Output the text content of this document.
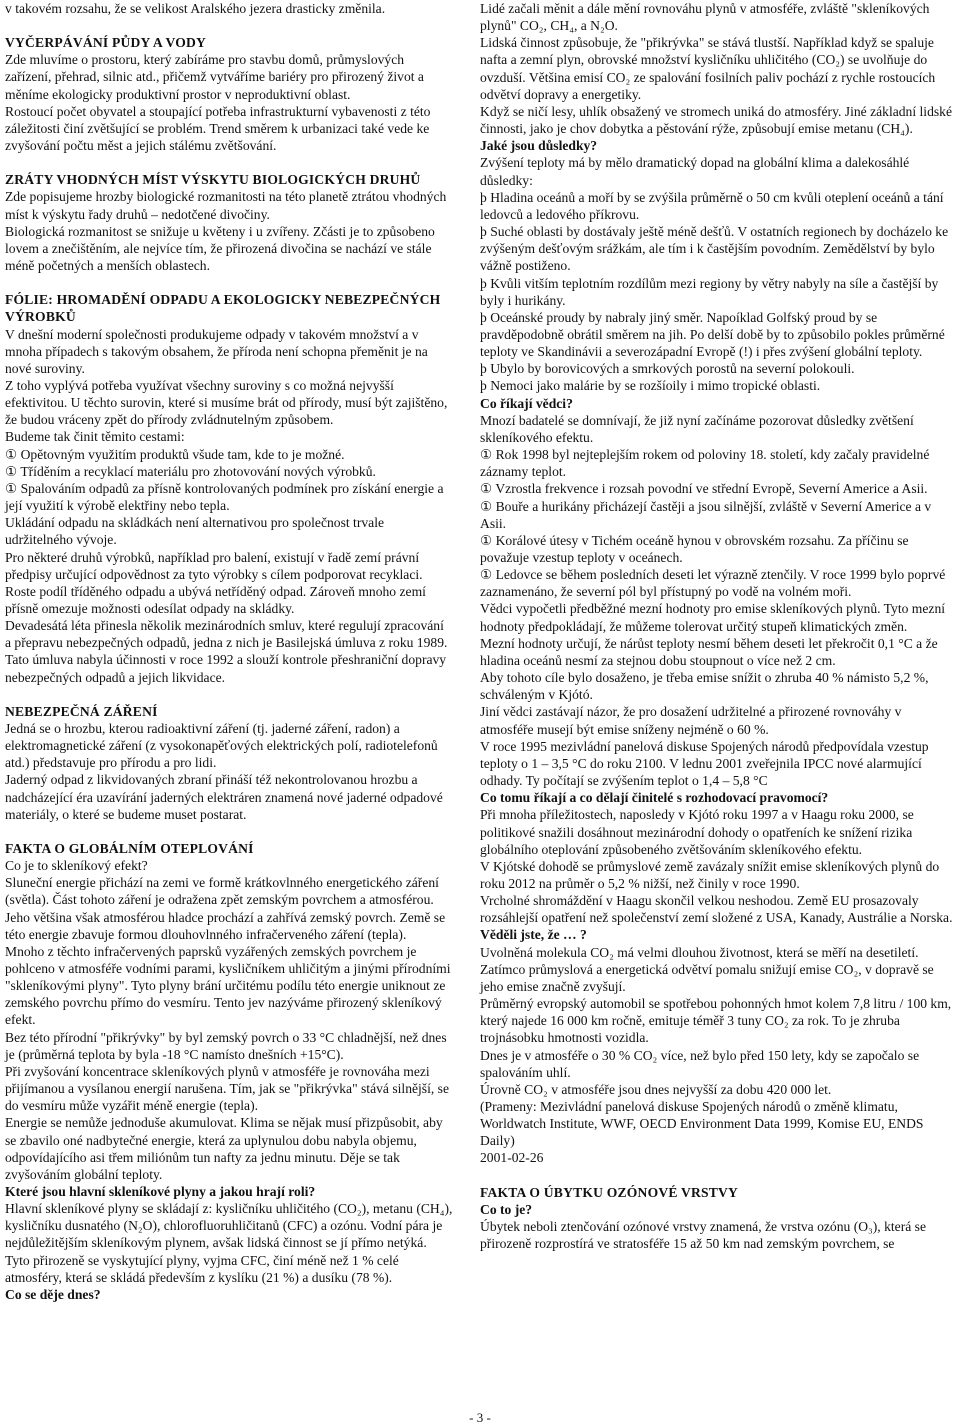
v takovém rozsahu, že se velikost Aralského jezera drasticky změnila.
VYČERPÁVÁNÍ PŮDY A VODY
Zde mluvíme o prostoru, který zabíráme pro stavbu domů, průmyslových zařízení, přehrad, silnic atd., přičemž vytváříme bariéry pro přirozený život a měníme ekologicky produktivní prostor v neproduktivní oblast.
Rostoucí počet obyvatel a stoupající potřeba infrastrukturní vybavenosti z této záležitosti činí zvětšující se problém. Trend směrem k urbanizaci také vede ke zvyšování počtu měst a jejich stálému zvětšování.
ZRÁTY VHODNÝCH MÍST VÝSKYTU BIOLOGICKÝCH DRUHŮ
Zde popisujeme hrozby biologické rozmanitosti na této planetě ztrátou vhodných míst k výskytu řady druhů – nedotčené divočiny.
Biologická rozmanitost se snižuje u květeny i u zvířeny. Zčásti je to způsobeno lovem a znečištěním, ale nejvíce tím, že přirozená divočina se nachází ve stále méně početných a menších oblastech.
FÓLIE: HROMADĚNÍ ODPADU A EKOLOGICKY NEBEZPEČNÝCH VÝROBKŮ
V dnešní moderní společnosti produkujeme odpady v takovém množství a v mnoha případech s takovým obsahem, že příroda není schopna přeměnit je na nové suroviny.
Z toho vyplývá potřeba využívat všechny suroviny s co možná nejvyšší efektivitou. U těchto surovin, které si musíme brát od přírody, musí být zajištěno, že budou vráceny zpět do přírody zvládnutelným způsobem.
Budeme tak činit těmito cestami:
① Opětovným využitím produktů všude tam, kde to je možné.
① Tříděním a recyklací materiálu pro zhotovování nových výrobků.
① Spalováním odpadů za přísně kontrolovaných podmínek pro získání energie a její využití k výrobě elektřiny nebo tepla.
Ukládání odpadu na skládkách není alternativou pro společnost trvale udržitelného vývoje.
Pro některé druhů výrobků, například pro balení, existují v řadě zemí právní předpisy určující odpovědnost za tyto výrobky s cílem podporovat recyklaci. Roste podíl tříděného odpadu a ubývá netříděný odpad. Zároveň mnoho zemí přísně omezuje možnosti odesílat odpady na skládky.
Devadesátá léta přinesla několik mezinárodních smluv, které regulují zpracování a přepravu nebezpečných odpadů, jedna z nich je Basilejská úmluva z roku 1989. Tato úmluva nabyla účinnosti v roce 1992 a slouží kontrole přeshraniční dopravy nebezpečných odpadů a jejich likvidace.
NEBEZPEČNÁ ZÁŘENÍ
Jedná se o hrozbu, kterou radioaktivní záření (tj. jaderné záření, radon) a elektromagnetické záření (z vysokonapěťových elektrických polí, radiotelefonů atd.) představuje pro přírodu a pro lidi.
Jaderný odpad z likvidovaných zbraní přináší též nekontrolovanou hrozbu a nadcházející éra uzavírání jaderných elektráren znamená nové jaderné odpadové materiály, o které se budeme muset postarat.
FAKTA O GLOBÁLNÍM OTEPLOVÁNÍ
Co je to skleníkový efekt?
Sluneční energie přichází na zemi ve formě krátkovlnného energetického záření (světla). Část tohoto záření je odražena zpět zemským povrchem a atmosférou. Jeho většina však atmosférou hladce prochází a zahřívá zemský povrch. Země se této energie zbavuje formou dlouhovlnného infračerveného záření (tepla).
Mnoho z těchto infračervených paprsků vyzářených zemských povrchem je pohlceno v atmosféře vodními parami, kysličníkem uhličitým a jinými přírodními "skleníkovými plyny". Tyto plyny brání určitému podílu této energie uniknout ze zemského povrchu přímo do vesmíru. Tento jev nazýváme přirozený skleníkový efekt.
Bez této přírodní "přikrývky" by byl zemský povrch o 33 °C chladnější, než dnes je (průměrná teplota by byla -18 °C namísto dnešních +15°C).
Při zvyšování koncentrace skleníkových plynů v atmosféře je rovnováha mezi přijímanou a vysílanou energií narušena. Tím, jak se "přikrývka" stává silnější, se do vesmíru může vyzářit méně energie (tepla).
Energie se nemůže jednoduše akumulovat. Klima se nějak musí přizpůsobit, aby se zbavilo oné nadbytečné energie, která za uplynulou dobu nabyla objemu, odpovídajícího asi třem miliónům tun nafty za jednu minutu. Děje se tak zvyšováním globální teploty.
Které jsou hlavní skleníkové plyny a jakou hrají roli?
Hlavní skleníkové plyny se skládají z: kysličníku uhličitého (CO₂), metanu (CH₄), kysličníku dusnatého (N₂O), chlorofluoruhličitanů (CFC) a ozónu. Vodní pára je nejdůležitějším skleníkovým plynem, avšak lidská činnost se jí přímo netýká.
Tyto přirozeně se vyskytující plyny, vyjma CFC, činí méně než 1 % celé atmosféry, která se skládá především z kyslíku (21 %) a dusíku (78 %).
Co se děje dnes?
Lidé začali měnit a dále mění rovnováhu plynů v atmosféře, zvláště "skleníkových plynů" CO₂, CH₄, a N₂O.
Lidská činnost způsobuje, že "přikrývka" se stává tlustší. Například když se spaluje nafta a zemní plyn, obrovské množství kysličníku uhličitého (CO₂) se uvolňuje do ovzduší. Většina emisí CO₂ ze spalování fosilních paliv pochází z rychle rostoucích odvětví dopravy a energetiky.
Když se ničí lesy, uhlík obsažený ve stromech uniká do atmosféry. Jiné základní lidské činnosti, jako je chov dobytka a pěstování rýže, způsobují emise metanu (CH₄).
Jaké jsou důsledky?
Zvýšení teploty má by mělo dramatický dopad na globální klima a dalekosáhlé důsledky:
þ Hladina oceánů a moří by se zvýšila průměrně o 50 cm kvůli oteplení oceánů a tání ledovců a ledového příkrovu.
þ Suché oblasti by dostávaly ještě méně dešťů. V ostatních regionech by docházelo ke zvýšeným dešťovým srážkám, ale tím i k častějším povodním. Zemědělství by bylo vážně postiženo.
þ Kvůli vitším teplotním rozdílům mezi regiony by větry nabyly na síle a častější by byly i hurikány.
þ Oceánské proudy by nabraly jiný směr. Napoíklad Golfský proud by se pravděpodobně obrátil směrem na jih. Po delší době by to způsobilo pokles průměrné teploty ve Skandinávii a severozápadní Evropě (!) i přes zvýšení globální teploty.
þ Ubylo by borovicových a smrkových porostů na severní polokouli.
þ Nemoci jako malárie by se rozšíoily i mimo tropické oblasti.
Co říkají vědci?
Mnozí badatelé se domnívají, že již nyní začínáme pozorovat důsledky zvětšení skleníkového efektu.
① Rok 1998 byl nejteplejším rokem od poloviny 18. století, kdy začaly pravidelné záznamy teplot.
① Vzrostla frekvence i rozsah povodní ve střední Evropě, Severní Americe a Asii.
① Bouře a hurikány přicházejí častěji a jsou silnější, zvláště v Severní Americe a v Asii.
① Korálové útesy v Tichém oceáně hynou v obrovském rozsahu. Za příčinu se považuje vzestup teploty v oceánech.
① Ledovce se během posledních deseti let výrazně ztenčily. V roce 1999 bylo poprvé zaznamenáno, že severní pól byl přístupný po vodě na volném moři.
Vědci vypočetli předběžné mezní hodnoty pro emise skleníkových plynů. Tyto mezní hodnoty předpokládají, že můžeme tolerovat určitý stupeň klimatických změn.
Mezní hodnoty určují, že nárůst teploty nesmí během deseti let překročit 0,1 °C a že hladina oceánů nesmí za stejnou dobu stoupnout o více než 2 cm.
Aby tohoto cíle bylo dosaženo, je třeba emise snížit o zhruba 40 % námisto 5,2 %, schváleným v Kjótó.
Jiní vědci zastávají názor, že pro dosažení udržitelné a přirozené rovnováhy v atmosféře musejí být emise sníženy nejméně o 60 %.
V roce 1995 mezivládní panelová diskuse Spojených národů předpovídala vzestup teploty o 1 – 3,5 °C do roku 2100. V lednu 2001 zveřejnila IPCC nové alarmující odhady. Ty počítají se zvýšením teplot o 1,4 – 5,8 °C
Co tomu říkají a co dělají činitelé s rozhodovací pravomocí?
Při mnoha příležitostech, naposledy v Kjótó roku 1997 a v Haagu roku 2000, se politikové snažili dosáhnout mezinárodní dohody o opatřeních ke snížení rizika globálního oteplování způsobeného zvětšováním skleníkového efektu.
V Kjótské dohodě se průmyslové země zavázaly snížit emise skleníkových plynů do roku 2012 na průměr o 5,2 % nižší, než činily v roce 1990.
Vrcholné shromáždění v Haagu skončil velkou neshodou. Země EU prosazovaly rozsáhlejší opatření než společenství zemí složené z USA, Kanady, Austrálie a Norska.
Věděli jste, že … ?
Uvolněná molekula CO₂ má velmi dlouhou životnost, která se měří na desetiletí.
Zatímco průmyslová a energetická odvětví pomalu snižují emise CO₂, v dopravě se jeho emise značně zvyšují.
Průměrný evropský automobil se spotřebou pohonných hmot kolem 7,8 litru / 100 km, který najede 16 000 km ročně, emituje téměř 3 tuny CO₂ za rok. To je zhruba trojnásobku hmotnosti vozidla.
Dnes je v atmosféře o 30 % CO₂ více, než bylo před 150 lety, kdy se započalo se spalováním uhlí.
Úrovně CO₂ v atmosféře jsou dnes nejvyšší za dobu 420 000 let.
(Prameny: Mezivládní panelová diskuse Spojených národů o změně klimatu, Worldwatch Institute, WWF, OECD Environment Data 1999, Komise EU, ENDS Daily)
2001-02-26
FAKTA O ÚBYTKU OZÓNOVÉ VRSTVY
Co to je?
Úbytek neboli ztenčování ozónové vrstvy znamená, že vrstva ozónu (O₃), která se přirozeně rozprostírá ve stratosféře 15 až 50 km nad zemským povrchem, se
- 3 -
